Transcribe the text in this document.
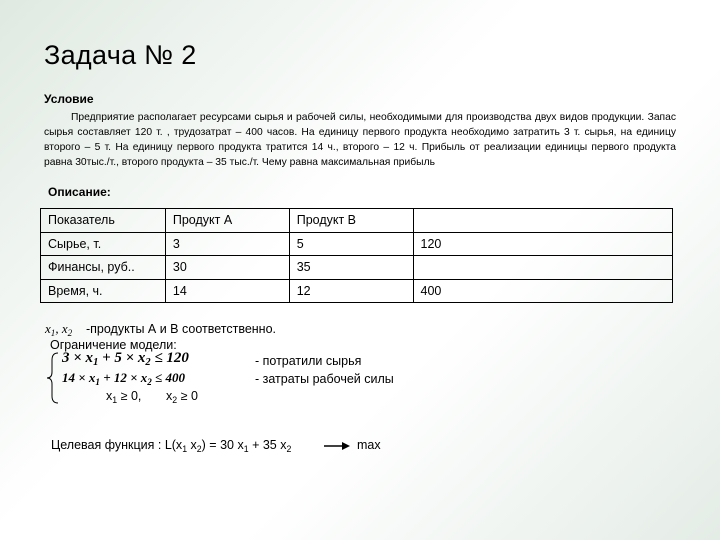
Задача № 2
Условие
Предприятие располагает ресурсами сырья и рабочей силы, необходимыми для производства двух видов продукции. Запас сырья составляет 120 т. , трудозатрат – 400 часов. На единицу первого продукта необходимо затратить 3 т. сырья, на единицу второго – 5 т. На единицу первого продукта тратится 14 ч., второго – 12 ч. Прибыль от реализации единицы первого продукта равна 30тыс./т., второго продукта – 35 тыс./т. Чему равна максимальная прибыль
Описание:
Показатель	Продукт А	Продукт В	
Сырье, т.	3	5	120
Финансы, руб..	30	35	
Время, ч.	14	12	400
$x_1$, $x_2$ -продукты А и В соответственно.
Ограничение модели:
$3 \times x_1 + 5 \times x_2 \le 120$
$14 \times x_1 + 12 \times x_2 \le 400$
- потратили сырья
- затраты рабочей силы
$x_1 \ge 0$, $x_2 \ge 0$
Целевая функция : $L(x_1$ $x_2) = 30$ $x_1 + 35$ $x_2$	max
